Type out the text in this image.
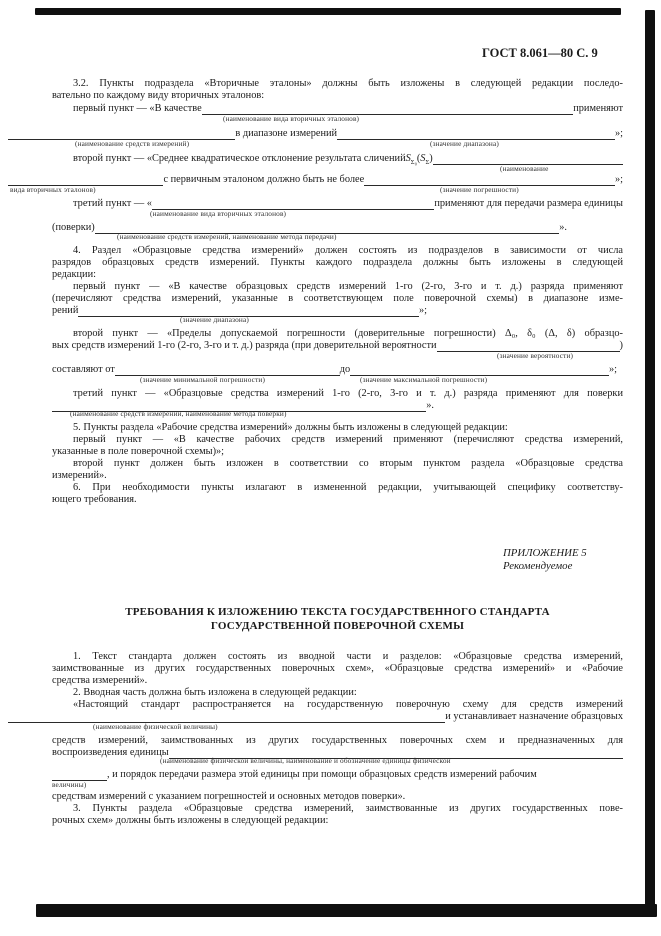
ГОСТ 8.061—80 С. 9
ПРИЛОЖЕНИЕ 5
Рекомендуемое
ТРЕБОВАНИЯ К ИЗЛОЖЕНИЮ ТЕКСТА ГОСУДАРСТВЕННОГО СТАНДАРТА
ГОСУДАРСТВЕННОЙ ПОВЕРОЧНОЙ СХЕМЫ
3.2. Пункты подраздела «Вторичные эталоны» должны быть изложены в следующей редакции последо-
вательно по каждому виду вторичных эталонов:
первый пункт — «В качестве	применяют
(наименование вида вторичных эталонов)
в диапазоне измерений	»;
(наименование средств измерений)	(значение диапазона)
второй пункт — «Среднее квадратическое отклонение результата сличений $S_{\Sigma_0}$ ( $S_\Sigma$ )
(наименование
с первичным эталоном должно быть не более	»;
вида вторичных эталонов)	(значение погрешности)
третий пункт — «	применяют для передачи размера единицы
(наименование вида вторичных эталонов)
(поверки)	».
(наименование средств измерений, наименование метода передачи)
4. Раздел «Образцовые средства измерений» должен состоять из подразделов в зависимости от числа
разрядов образцовых средств измерений. Пункты каждого подраздела должны быть изложены в следующей
редакции:
первый пункт — «В качестве образцовых средств измерений 1-го (2-го, 3-го и т. д.) разряда применяют
(перечисляют средства измерений, указанные в соответствующем поле поверочной схемы) в диапазоне изме-
рений	»;
(значение диапазона)
второй пункт — «Пределы допускаемой погрешности (доверительные погрешности) Δ₀, δ₀ (Δ, δ) образцо-
вых средств измерений 1-го (2-го, 3-го и т. д.) разряда (при доверительной вероятности	)
(значение вероятности)
составляют от	до	»;
(значение минимальной погрешности)	(значение максимальной погрешности)
третий пункт — «Образцовые средства измерений 1-го (2-го, 3-го и т. д.) разряда применяют для поверки
».
(наименование средств измерений, наименование метода поверки)
5. Пункты раздела «Рабочие средства измерений» должны быть изложены в следующей редакции:
первый пункт — «В качестве рабочих средств измерений применяют (перечисляют средства измерений,
указанные в поле поверочной схемы)»;
второй пункт должен быть изложен в соответствии со вторым пунктом раздела «Образцовые средства
измерений».
6. При необходимости пункты излагают в измененной редакции, учитывающей специфику соответству-
ющего требования.
1. Текст стандарта должен состоять из вводной части и разделов: «Образцовые средства измерений,
заимствованные из других государственных поверочных схем», «Образцовые средства измерений» и «Рабочие
средства измерений».
2. Вводная часть должна быть изложена в следующей редакции:
«Настоящий стандарт распространяется на государственную поверочную схему для средств измерений
и устанавливает назначение образцовых
(наименование физической величины)
средств измерений, заимствованных из других государственных поверочных схем и предназначенных для
воспроизведения единицы
(наименование физической величины, наименование и обозначение единицы физической
, и порядок передачи размера этой единицы при помощи образцовых средств измерений рабочим
величины)
средствам измерений с указанием погрешностей и основных методов поверки».
3. Пункты раздела «Образцовые средства измерений, заимствованные из других государственных пове-
рочных схем» должны быть изложены в следующей редакции:
